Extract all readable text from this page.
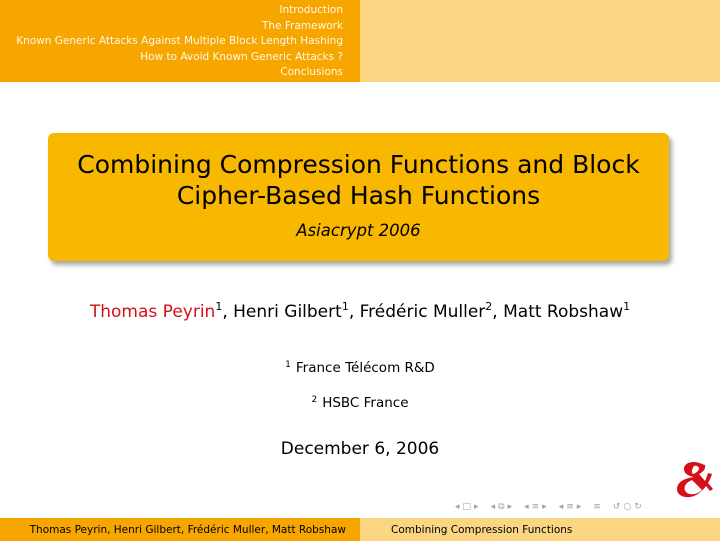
Introduction
The Framework
Known Generic Attacks Against Multiple Block Length Hashing
How to Avoid Known Generic Attacks ?
Conclusions
Combining Compression Functions and Block
Cipher-Based Hash Functions
Asiacrypt 2006
Thomas Peyrin$^1$, Henri Gilbert$^1$, Frédéric Muller$^2$, Matt Robshaw$^1$
$^1$ France Télécom R&D
$^2$ HSBC France
December 6, 2006
◂ □ ▸ ◂ ⧉ ▸ ◂ ≡ ▸ ◂ ≡ ▸ ≡ ↺ ○ ↻
Thomas Peyrin, Henri Gilbert, Frédéric Muller, Matt Robshaw	Combining Compression Functions
